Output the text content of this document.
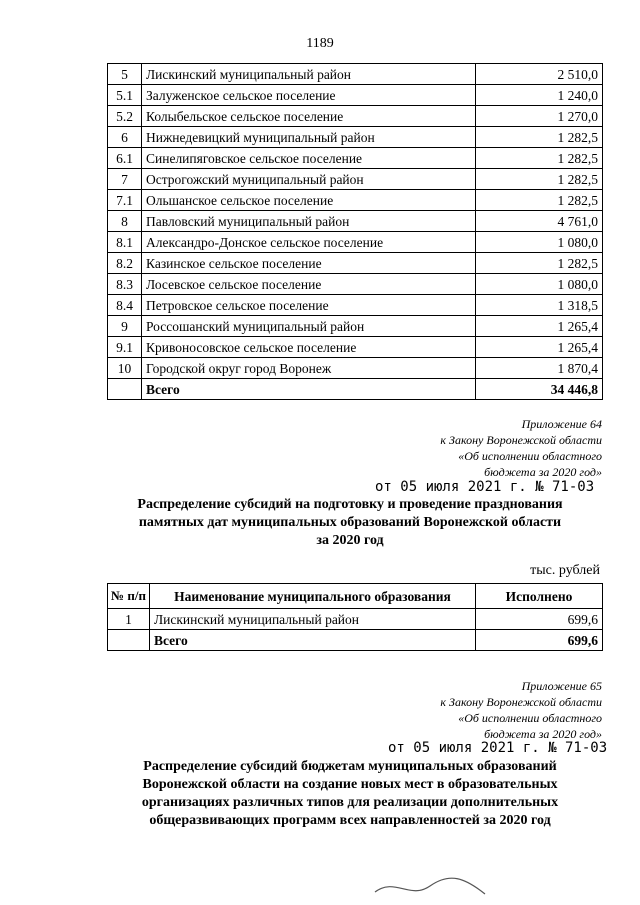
1189
5	Лискинский муниципальный район	2 510,0
5.1	Залуженское сельское поселение	1 240,0
5.2	Колыбельское сельское поселение	1 270,0
6	Нижнедевицкий муниципальный район	1 282,5
6.1	Синелипяговское сельское поселение	1 282,5
7	Острогожский муниципальный район	1 282,5
7.1	Ольшанское сельское поселение	1 282,5
8	Павловский муниципальный район	4 761,0
8.1	Александро-Донское сельское поселение	1 080,0
8.2	Казинское сельское поселение	1 282,5
8.3	Лосевское сельское поселение	1 080,0
8.4	Петровское сельское поселение	1 318,5
9	Россошанский муниципальный район	1 265,4
9.1	Кривоносовское сельское поселение	1 265,4
10	Городской округ город Воронеж	1 870,4
	Всего	34 446,8
Приложение 64
к Закону Воронежской области
«Об исполнении областного
бюджета за 2020 год»
от 05 июля 2021 г. № 71-03
Распределение субсидий на подготовку и проведение празднования
памятных дат муниципальных образований Воронежской области
за 2020 год
тыс. рублей
№ п/п	Наименование муниципального образования	Исполнено
1	Лискинский муниципальный район	699,6
	Всего	699,6
Приложение 65
к Закону Воронежской области
«Об исполнении областного
бюджета за 2020 год»
от 05 июля 2021 г. № 71-03
Распределение субсидий бюджетам муниципальных образований
Воронежской области на создание новых мест в образовательных
организациях различных типов для реализации дополнительных
общеразвивающих программ всех направленностей за 2020 год
